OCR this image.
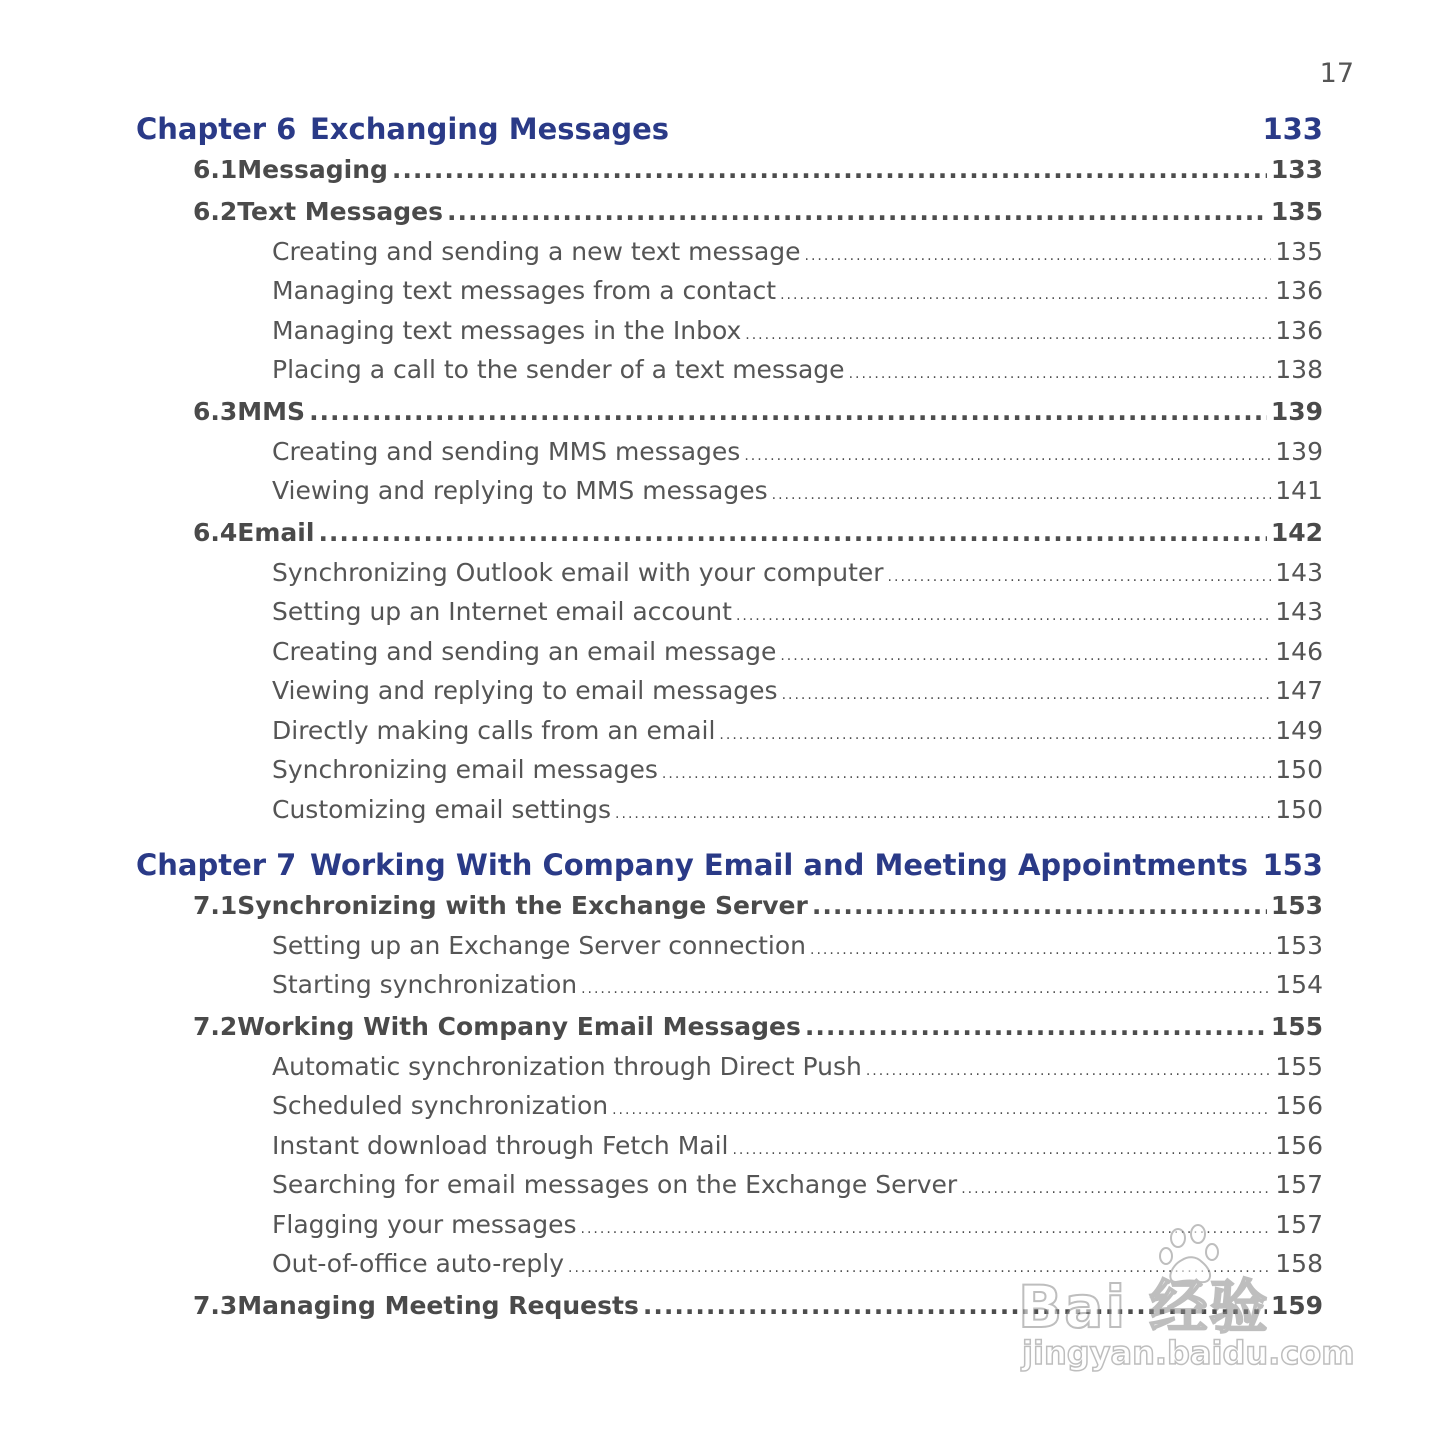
17
Chapter 6 Exchanging Messages	133
6.1 Messaging .....	133
6.2 Text Messages .....	135
Creating and sending a new text message .....	135
Managing text messages from a contact .....	136
Managing text messages in the Inbox .....	136
Placing a call to the sender of a text message .....	138
6.3 MMS .....	139
Creating and sending MMS messages .....	139
Viewing and replying to MMS messages .....	141
6.4 Email .....	142
Synchronizing Outlook email with your computer .....	143
Setting up an Internet email account .....	143
Creating and sending an email message .....	146
Viewing and replying to email messages .....	147
Directly making calls from an email .....	149
Synchronizing email messages .....	150
Customizing email settings .....	150
Chapter 7 Working With Company Email and Meeting Appointments 153
7.1 Synchronizing with the Exchange Server .....	153
Setting up an Exchange Server connection .....	153
Starting synchronization .....	154
7.2 Working With Company Email Messages .....	155
Automatic synchronization through Direct Push .....	155
Scheduled synchronization .....	156
Instant download through Fetch Mail .....	156
Searching for email messages on the Exchange Server .....	157
Flagging your messages .....	157
Out-of-office auto-reply .....	158
7.3 Managing Meeting Requests .....	159
Bai 经验
jingyan.baidu.com
